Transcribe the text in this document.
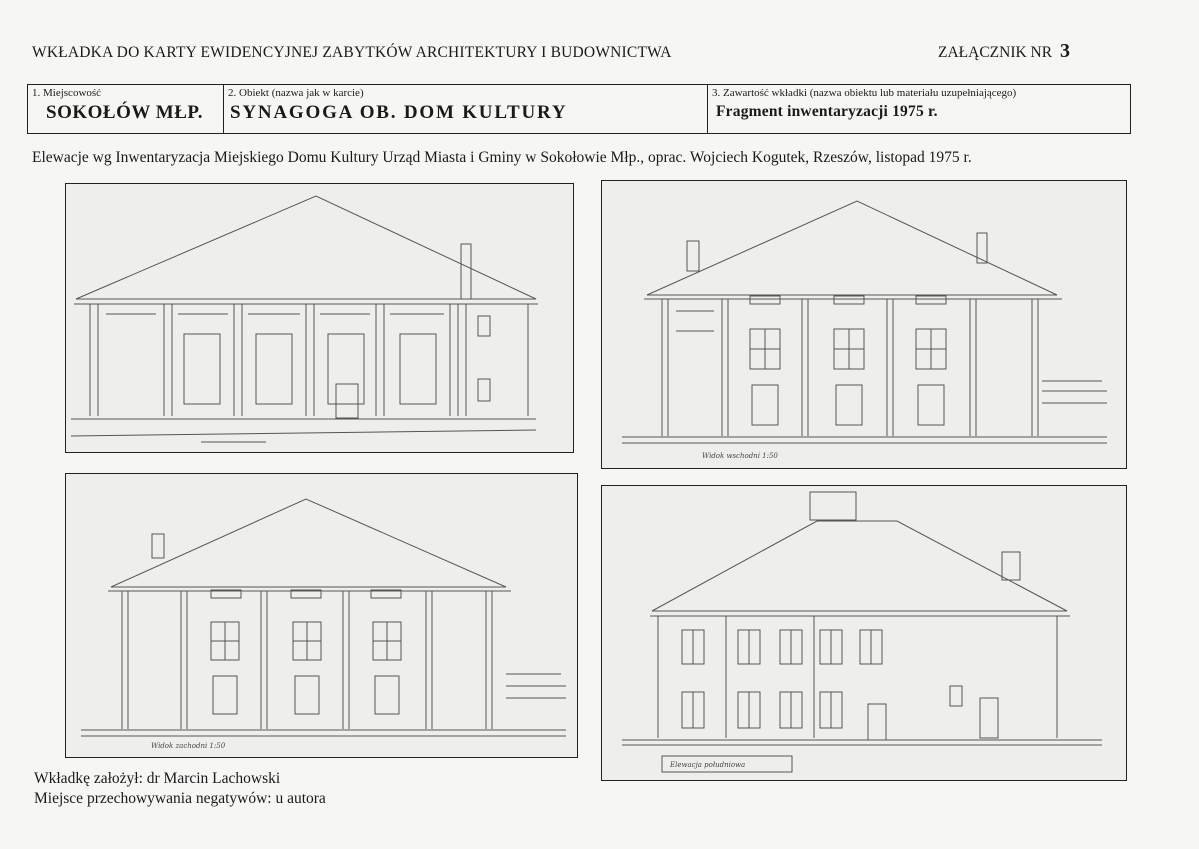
WKŁADKA DO KARTY EWIDENCYJNEJ ZABYTKÓW ARCHITEKTURY I BUDOWNICTWA	ZAŁĄCZNIK NR 3
1. Miejscowość
SOKOŁÓW MŁP.
2. Obiekt (nazwa jak w karcie)
SYNAGOGA OB. DOM KULTURY
3. Zawartość wkładki (nazwa obiektu lub materiału uzupełniającego)
Fragment inwentaryzacji 1975 r.
Elewacje wg Inwentaryzacja Miejskiego Domu Kultury Urząd Miasta i Gminy w Sokołowie Młp., oprac. Wojciech Kogutek, Rzeszów, listopad 1975 r.
Widok wschodni 1:50
Widok zachodni 1:50
Elewacja południowa
Wkładkę założył: dr Marcin Lachowski
Miejsce przechowywania negatywów: u autora
